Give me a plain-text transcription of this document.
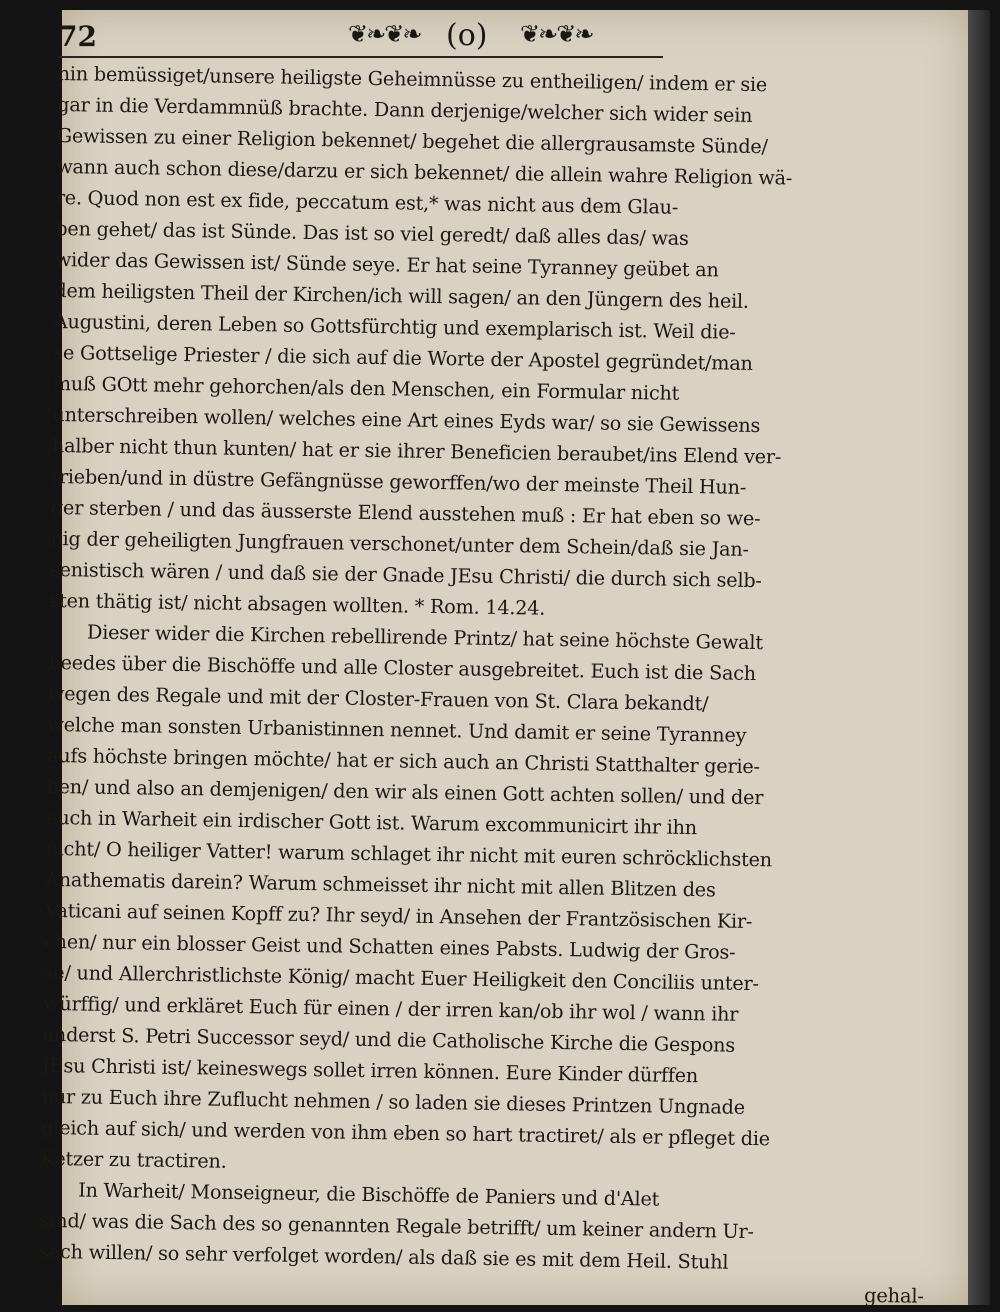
72	❦❧❦❧ (o) ❦❧❦❧
hin bemüssiget/unsere heiligste Geheimnüsse zu entheiligen/ indem er sie
gar in die Verdammnüß brachte. Dann derjenige/welcher sich wider sein
Gewissen zu einer Religion bekennet/ begehet die allergrausamste Sünde/
wann auch schon diese/darzu er sich bekennet/ die allein wahre Religion wä-
re. Quod non est ex fide, peccatum est,* was nicht aus dem Glau-
ben gehet/ das ist Sünde. Das ist so viel geredt/ daß alles das/ was
wider das Gewissen ist/ Sünde seye. Er hat seine Tyranney geübet an
dem heiligsten Theil der Kirchen/ich will sagen/ an den Jüngern des heil.
Augustini, deren Leben so Gottsfürchtig und exemplarisch ist. Weil die-
se Gottselige Priester / die sich auf die Worte der Apostel gegründet/man
muß GOtt mehr gehorchen/als den Menschen, ein Formular nicht
unterschreiben wollen/ welches eine Art eines Eyds war/ so sie Gewissens
halber nicht thun kunten/ hat er sie ihrer Beneficien beraubet/ins Elend ver-
trieben/und in düstre Gefängnüsse geworffen/wo der meinste Theil Hun-
ger sterben / und das äusserste Elend ausstehen muß : Er hat eben so we-
nig der geheiligten Jungfrauen verschonet/unter dem Schein/daß sie Jan-
senistisch wären / und daß sie der Gnade JEsu Christi/ die durch sich selb-
sten thätig ist/ nicht absagen wollten. * Rom. 14.24.
Dieser wider die Kirchen rebellirende Printz/ hat seine höchste Gewalt
beedes über die Bischöffe und alle Closter ausgebreitet. Euch ist die Sach
wegen des Regale und mit der Closter-Frauen von St. Clara bekandt/
welche man sonsten Urbanistinnen nennet. Und damit er seine Tyranney
aufs höchste bringen möchte/ hat er sich auch an Christi Statthalter gerie-
ben/ und also an demjenigen/ den wir als einen Gott achten sollen/ und der
auch in Warheit ein irdischer Gott ist. Warum excommunicirt ihr ihn
nicht/ O heiliger Vatter! warum schlaget ihr nicht mit euren schröcklichsten
Anathematis darein? Warum schmeisset ihr nicht mit allen Blitzen des
Vaticani auf seinen Kopff zu? Ihr seyd/ in Ansehen der Frantzösischen Kir-
chen/ nur ein blosser Geist und Schatten eines Pabsts. Ludwig der Gros-
se/ und Allerchristlichste König/ macht Euer Heiligkeit den Conciliis unter-
würffig/ und erkläret Euch für einen / der irren kan/ob ihr wol / wann ihr
anderst S. Petri Successor seyd/ und die Catholische Kirche die Gespons
JEsu Christi ist/ keineswegs sollet irren können. Eure Kinder dürffen
nur zu Euch ihre Zuflucht nehmen / so laden sie dieses Printzen Ungnade
gleich auf sich/ und werden von ihm eben so hart tractiret/ als er pfleget die
Ketzer zu tractiren.
In Warheit/ Monseigneur, die Bischöffe de Paniers und d'Alet
sind/ was die Sach des so genannten Regale betrifft/ um keiner andern Ur-
sach willen/ so sehr verfolget worden/ als daß sie es mit dem Heil. Stuhl
gehal-
